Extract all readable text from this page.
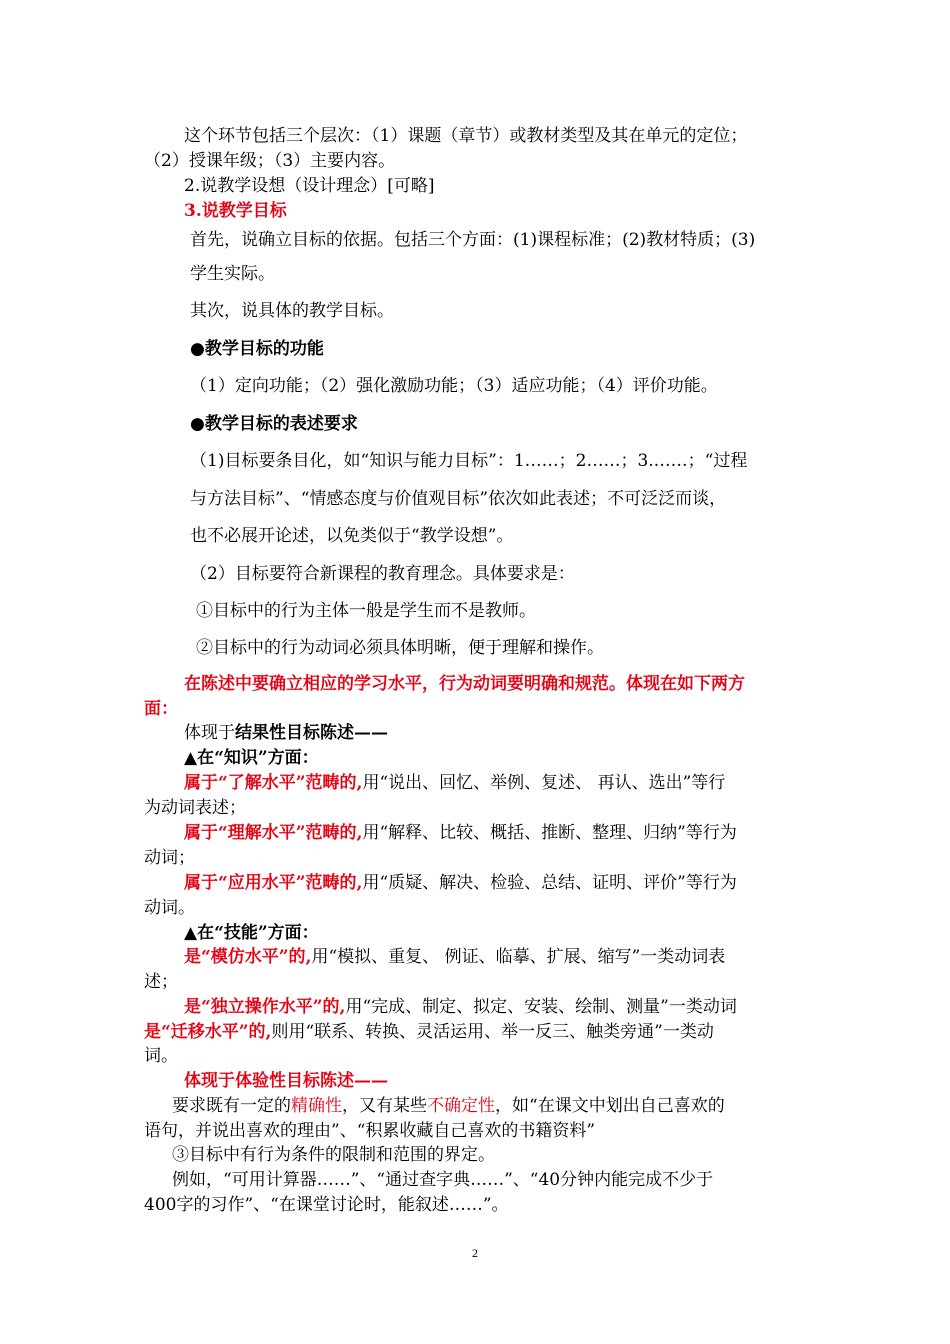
这个环节包括三个层次：（1）课题（章节）或教材类型及其在单元的定位；
（2）授课年级；（3）主要内容。
2.说教学设想（设计理念）[可略]
3.说教学目标
首先，说确立目标的依据。包括三个方面：(1)课程标准；(2)教材特质；(3)
学生实际。
其次，说具体的教学目标。
●教学目标的功能
（1）定向功能；（2）强化激励功能；（3）适应功能；（4）评价功能。
●教学目标的表述要求
（1)目标要条目化，如“知识与能力目标”：1……；2……；3.……；“过程
与方法目标”、“情感态度与价值观目标”依次如此表述；不可泛泛而谈，
也不必展开论述，以免类似于“教学设想”。
（2）目标要符合新课程的教育理念。具体要求是：
①目标中的行为主体一般是学生而不是教师。
②目标中的行为动词必须具体明晰，便于理解和操作。
在陈述中要确立相应的学习水平，行为动词要明确和规范。体现在如下两方
面：
体现于结果性目标陈述——
▲在“知识”方面：
属于“了解水平”范畴的,用“说出、回忆、举例、复述、 再认、选出”等行
为动词表述；
属于“理解水平”范畴的,用“解释、比较、概括、推断、整理、归纳”等行为
动词；
属于“应用水平”范畴的,用“质疑、解决、检验、总结、证明、评价”等行为
动词。
▲在“技能”方面：
是“模仿水平”的,用“模拟、重复、 例证、临摹、扩展、缩写”一类动词表
述；
是“独立操作水平”的,用“完成、制定、拟定、安装、绘制、测量”一类动词
是“迁移水平”的,则用“联系、转换、灵活运用、举一反三、触类旁通”一类动
词。
体现于体验性目标陈述——
要求既有一定的精确性，又有某些不确定性，如“在课文中划出自己喜欢的
语句，并说出喜欢的理由”、“积累收藏自己喜欢的书籍资料”
③目标中有行为条件的限制和范围的界定。
例如，“可用计算器……”、“通过查字典……”、“40分钟内能完成不少于
400字的习作”、“在课堂讨论时，能叙述……”。
2
